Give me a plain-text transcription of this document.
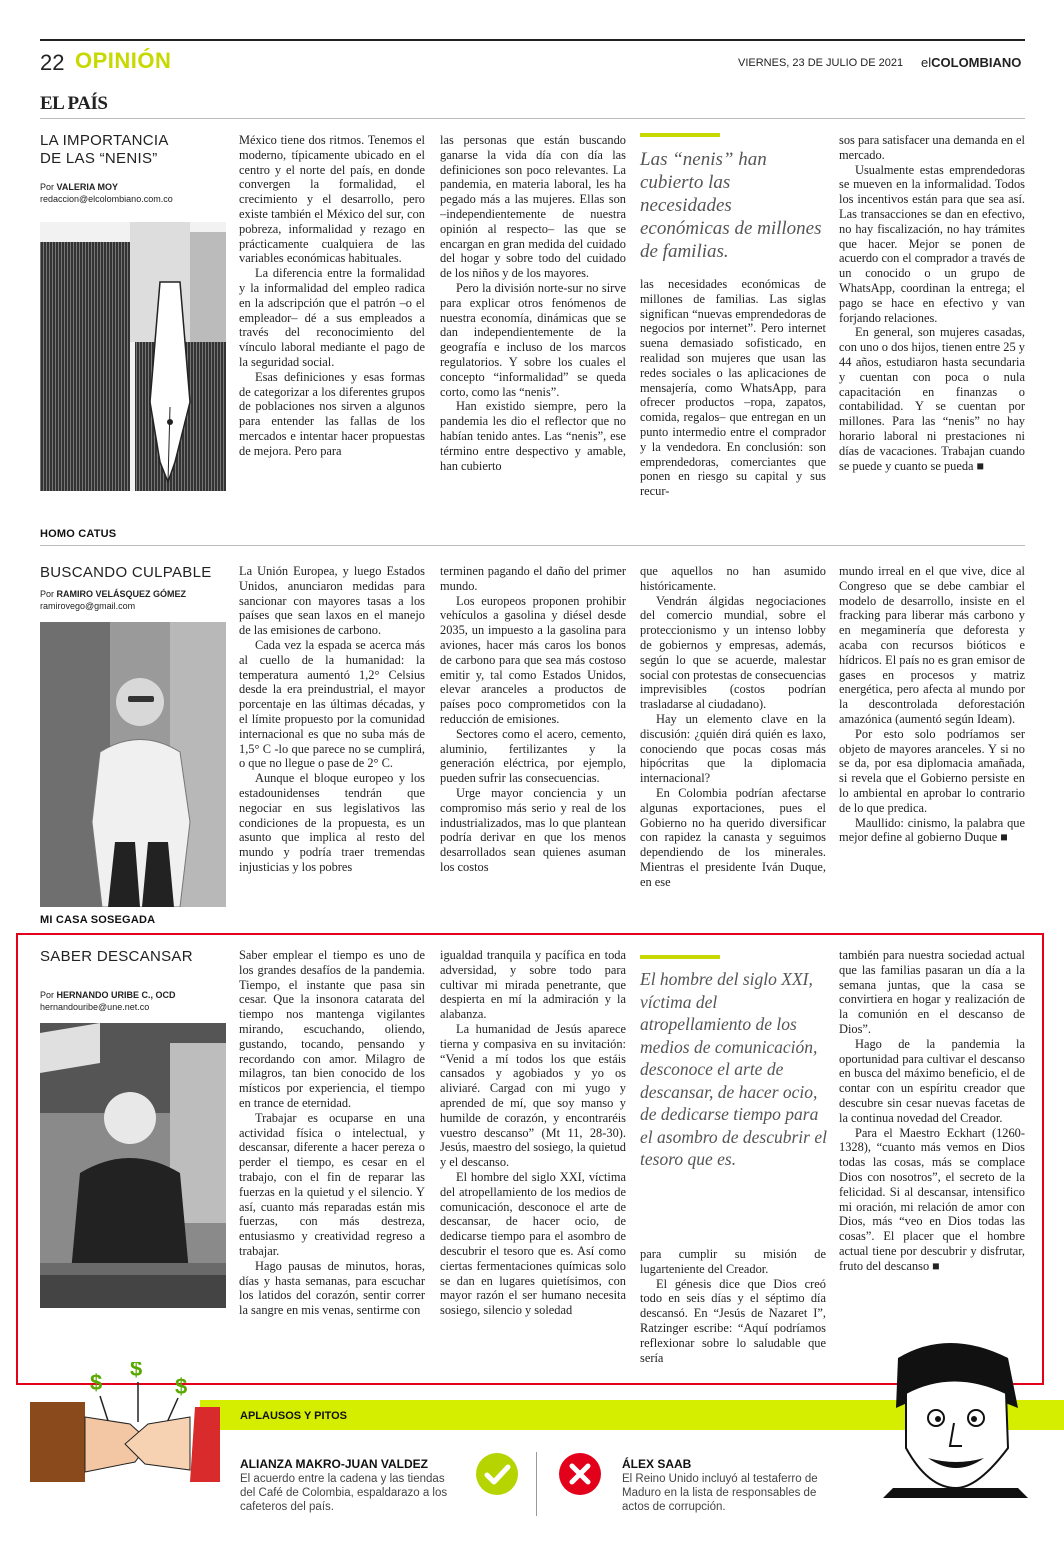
22 OPINIÓN	VIERNES, 23 DE JULIO DE 2021 elCOLOMBIANO
EL PAÍS
LA IMPORTANCIA
DE LAS “NENIS”
Por VALERIA MOY
redaccion@elcolombiano.com.co

México tiene dos ritmos. Tenemos el moderno, típicamente ubicado en el centro y el norte del país, en donde convergen la formalidad, el crecimiento y el desarrollo, pero existe también el México del sur, con pobreza, informalidad y rezago en prácticamente cualquiera de las variables económicas habituales.

La diferencia entre la formalidad y la informalidad del empleo radica en la adscripción que el patrón –o el empleador– dé a sus empleados a través del reconocimiento del vínculo laboral mediante el pago de la seguridad social.

Esas definiciones y esas formas de categorizar a los diferentes grupos de poblaciones nos sirven a algunos para entender las fallas de los mercados e intentar hacer propuestas de mejora. Pero para

las personas que están buscando ganarse la vida día con día las definiciones son poco relevantes. La pandemia, en materia laboral, les ha pegado más a las mujeres. Ellas son –independientemente de nuestra opinión al respecto– las que se encargan en gran medida del cuidado del hogar y sobre todo del cuidado de los niños y de los mayores.

Pero la división norte-sur no sirve para explicar otros fenómenos de nuestra economía, dinámicas que se dan independientemente de la geografía e incluso de los marcos regulatorios. Y sobre los cuales el concepto “informalidad” se queda corto, como las “nenis”.

Han existido siempre, pero la pandemia les dio el reflector que no habían tenido antes. Las “nenis”, ese término entre despectivo y amable, han cubierto

Las “nenis” han cubierto las necesidades económicas de millones de familias.

las necesidades económicas de millones de familias. Las siglas significan “nuevas emprendedoras de negocios por internet”. Pero internet suena demasiado sofisticado, en realidad son mujeres que usan las redes sociales o las aplicaciones de mensajería, como WhatsApp, para ofrecer productos –ropa, zapatos, comida, regalos– que entregan en un punto intermedio entre el comprador y la vendedora. En conclusión: son emprendedoras, comerciantes que ponen en riesgo su capital y sus recur-

sos para satisfacer una demanda en el mercado.

Usualmente estas emprendedoras se mueven en la informalidad. Todos los incentivos están para que sea así. Las transacciones se dan en efectivo, no hay fiscalización, no hay trámites que hacer. Mejor se ponen de acuerdo con el comprador a través de un conocido o un grupo de WhatsApp, coordinan la entrega; el pago se hace en efectivo y van forjando relaciones.

En general, son mujeres casadas, con uno o dos hijos, tienen entre 25 y 44 años, estudiaron hasta secundaria y cuentan con poca o nula capacitación en finanzas o contabilidad. Y se cuentan por millones. Para las “nenis” no hay horario laboral ni prestaciones ni días de vacaciones. Trabajan cuando se puede y cuanto se pueda ■

HOMO CATUS
BUSCANDO CULPABLE
Por RAMIRO VELÁSQUEZ GÓMEZ
ramirovego@gmail.com

La Unión Europea, y luego Estados Unidos, anunciaron medidas para sancionar con mayores tasas a los países que sean laxos en el manejo de las emisiones de carbono.

Cada vez la espada se acerca más al cuello de la humanidad: la temperatura aumentó 1,2° Celsius desde la era preindustrial, el mayor porcentaje en las últimas décadas, y el límite propuesto por la comunidad internacional es que no suba más de 1,5° C -lo que parece no se cumplirá, o que no llegue o pase de 2° C.

Aunque el bloque europeo y los estadounidenses tendrán que negociar en sus legislativos las condiciones de la propuesta, es un asunto que implica al resto del mundo y podría traer tremendas injusticias y los pobres

terminen pagando el daño del primer mundo.

Los europeos proponen prohibir vehículos a gasolina y diésel desde 2035, un impuesto a la gasolina para aviones, hacer más caros los bonos de carbono para que sea más costoso emitir y, tal como Estados Unidos, elevar aranceles a productos de países poco comprometidos con la reducción de emisiones.

Sectores como el acero, cemento, aluminio, fertilizantes y la generación eléctrica, por ejemplo, pueden sufrir las consecuencias.

Urge mayor conciencia y un compromiso más serio y real de los industrializados, mas lo que plantean podría derivar en que los menos desarrollados sean quienes asuman los costos

que aquellos no han asumido históricamente.

Vendrán álgidas negociaciones del comercio mundial, sobre el proteccionismo y un intenso lobby de gobiernos y empresas, además, según lo que se acuerde, malestar social con protestas de consecuencias imprevisibles (costos podrían trasladarse al ciudadano).

Hay un elemento clave en la discusión: ¿quién dirá quién es laxo, conociendo que pocas cosas más hipócritas que la diplomacia internacional?

En Colombia podrían afectarse algunas exportaciones, pues el Gobierno no ha querido diversificar con rapidez la canasta y seguimos dependiendo de los minerales. Mientras el presidente Iván Duque, en ese

mundo irreal en el que vive, dice al Congreso que se debe cambiar el modelo de desarrollo, insiste en el fracking para liberar más carbono y en megaminería que deforesta y acaba con recursos bióticos e hídricos. El país no es gran emisor de gases en procesos y matriz energética, pero afecta al mundo por la descontrolada deforestación amazónica (aumentó según Ideam).

Por esto solo podríamos ser objeto de mayores aranceles. Y si no se da, por esa diplomacia amañada, si revela que el Gobierno persiste en lo ambiental en aprobar lo contrario de lo que predica.

Maullido: cinismo, la palabra que mejor define al gobierno Duque ■

MI CASA SOSEGADA
SABER DESCANSAR
Por HERNANDO URIBE C., OCD
hernandouribe@une.net.co

Saber emplear el tiempo es uno de los grandes desafíos de la pandemia. Tiempo, el instante que pasa sin cesar. Que la insonora catarata del tiempo nos mantenga vigilantes mirando, escuchando, oliendo, gustando, tocando, pensando y recordando con amor. Milagro de milagros, tan bien conocido de los místicos por experiencia, el tiempo en trance de eternidad.

Trabajar es ocuparse en una actividad física o intelectual, y descansar, diferente a hacer pereza o perder el tiempo, es cesar en el trabajo, con el fin de reparar las fuerzas en la quietud y el silencio. Y así, cuanto más reparadas están mis fuerzas, con más destreza, entusiasmo y creatividad regreso a trabajar.

Hago pausas de minutos, horas, días y hasta semanas, para escuchar los latidos del corazón, sentir correr la sangre en mis venas, sentirme con

igualdad tranquila y pacífica en toda adversidad, y sobre todo para cultivar mi mirada penetrante, que despierta en mí la admiración y la alabanza.

La humanidad de Jesús aparece tierna y compasiva en su invitación: “Venid a mí todos los que estáis cansados y agobiados y yo os aliviaré. Cargad con mi yugo y aprended de mí, que soy manso y humilde de corazón, y encontraréis vuestro descanso” (Mt 11, 28-30). Jesús, maestro del sosiego, la quietud y el descanso.

El hombre del siglo XXI, víctima del atropellamiento de los medios de comunicación, desconoce el arte de descansar, de hacer ocio, de dedicarse tiempo para el asombro de descubrir el tesoro que es. Así como ciertas fermentaciones químicas solo se dan en lugares quietísimos, con mayor razón el ser humano necesita sosiego, silencio y soledad

El hombre del siglo XXI, víctima del atropellamiento de los medios de comunicación, desconoce el arte de descansar, de hacer ocio, de dedicarse tiempo para el asombro de descubrir el tesoro que es.

para cumplir su misión de lugarteniente del Creador.

El génesis dice que Dios creó todo en seis días y el séptimo día descansó. En “Jesús de Nazaret I”, Ratzinger escribe: “Aquí podríamos reflexionar sobre lo saludable que sería

también para nuestra sociedad actual que las familias pasaran un día a la semana juntas, que la casa se convirtiera en hogar y realización de la comunión en el descanso de Dios”.

Hago de la pandemia la oportunidad para cultivar el descanso en busca del máximo beneficio, el de contar con un espíritu creador que descubre sin cesar nuevas facetas de la continua novedad del Creador.

Para el Maestro Eckhart (1260-1328), “cuanto más vemos en Dios todas las cosas, más se complace Dios con nosotros”, el secreto de la felicidad. Si al descansar, intensifico mi oración, mi relación de amor con Dios, más “veo en Dios todas las cosas”. El placer que el hombre actual tiene por descubrir y disfrutar, fruto del descanso ■

APLAUSOS Y PITOS
$
$
$
ALIANZA MAKRO-JUAN VALDEZ
El acuerdo entre la cadena y las tiendas del Café de Colombia, espaldarazo a los cafeteros del país.
ÁLEX SAAB
El Reino Unido incluyó al testaferro de Maduro en la lista de responsables de actos de corrupción.
